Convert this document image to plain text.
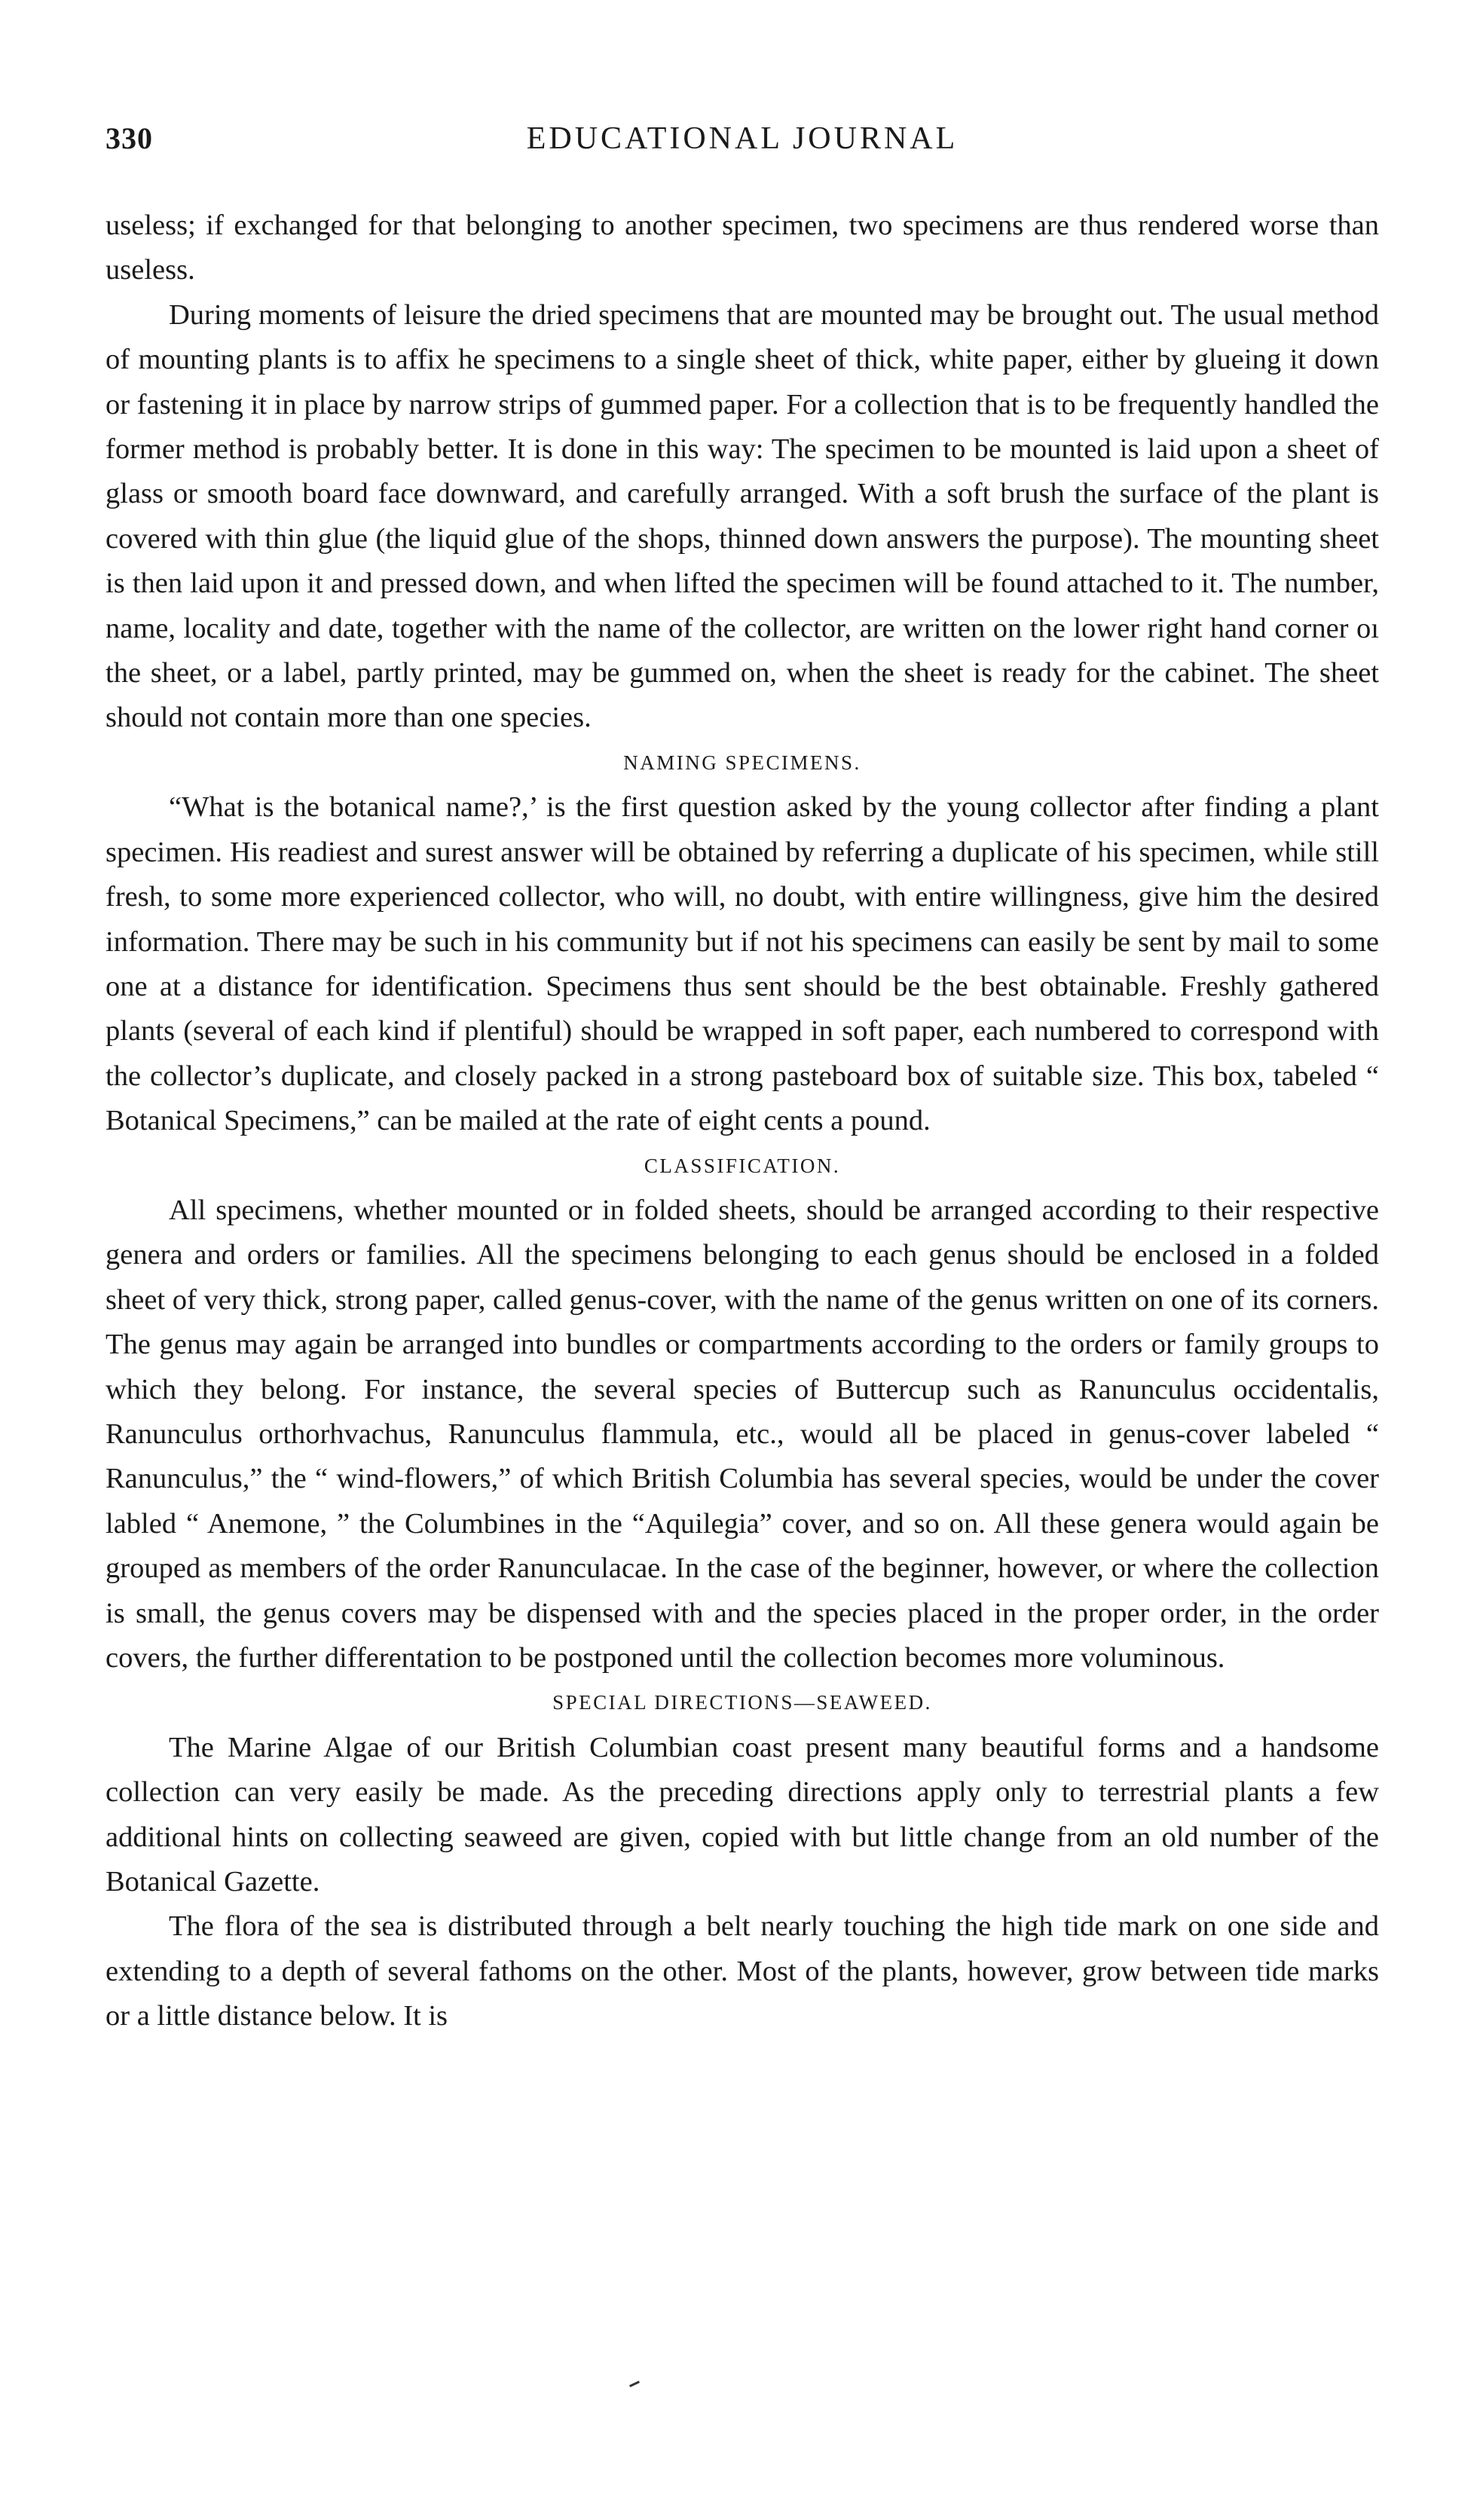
330	EDUCATIONAL JOURNAL

useless; if exchanged for that belonging to another specimen, two specimens are thus rendered worse than useless.

During moments of leisure the dried specimens that are mounted may be brought out. The usual method of mounting plants is to affix he specimens to a single sheet of thick, white paper, either by glueing it down or fastening it in place by narrow strips of gummed paper. For a collection that is to be frequently handled the former method is probably better. It is done in this way: The specimen to be mounted is laid upon a sheet of glass or smooth board face downward, and carefully arranged. With a soft brush the surface of the plant is covered with thin glue (the liquid glue of the shops, thinned down answers the purpose). The mounting sheet is then laid upon it and pressed down, and when lifted the specimen will be found attached to it. The number, name, locality and date, together with the name of the collector, are written on the lower right hand corner oı the sheet, or a label, partly printed, may be gummed on, when the sheet is ready for the cabinet. The sheet should not contain more than one species.

NAMING SPECIMENS.

“What is the botanical name?,’ is the first question asked by the young collector after finding a plant specimen. His readiest and surest answer will be obtained by referring a duplicate of his specimen, while still fresh, to some more experienced collector, who will, no doubt, with entire willingness, give him the desired information. There may be such in his community but if not his specimens can easily be sent by mail to some one at a distance for identification. Specimens thus sent should be the best obtainable. Freshly gathered plants (several of each kind if plentiful) should be wrapped in soft paper, each numbered to correspond with the collector’s duplicate, and closely packed in a strong pasteboard box of suitable size. This box, tabeled “ Botanical Specimens,” can be mailed at the rate of eight cents a pound.

CLASSIFICATION.

All specimens, whether mounted or in folded sheets, should be arranged according to their respective genera and orders or families. All the specimens belonging to each genus should be enclosed in a folded sheet of very thick, strong paper, called genus-cover, with the name of the genus written on one of its corners. The genus may again be arranged into bundles or compartments according to the orders or family groups to which they belong. For instance, the several species of Buttercup such as Ranunculus occidentalis, Ranunculus orthorhvachus, Ranunculus flammula, etc., would all be placed in genus-cover labeled “ Ranunculus,” the “ wind-flowers,” of which British Columbia has several species, would be under the cover labled “ Anemone, ” the Columbines in the “Aquilegia” cover, and so on. All these genera would again be grouped as members of the order Ranunculacae. In the case of the beginner, however, or where the collection is small, the genus covers may be dispensed with and the species placed in the proper order, in the order covers, the further differentation to be postponed until the collection becomes more voluminous.

SPECIAL DIRECTIONS—SEAWEED.

The Marine Algae of our British Columbian coast present many beautiful forms and a handsome collection can very easily be made. As the preceding directions apply only to terrestrial plants a few additional hints on collecting seaweed are given, copied with but little change from an old number of the Botanical Gazette.

The flora of the sea is distributed through a belt nearly touching the high tide mark on one side and extending to a depth of several fathoms on the other. Most of the plants, however, grow between tide marks or a little distance below. It is
